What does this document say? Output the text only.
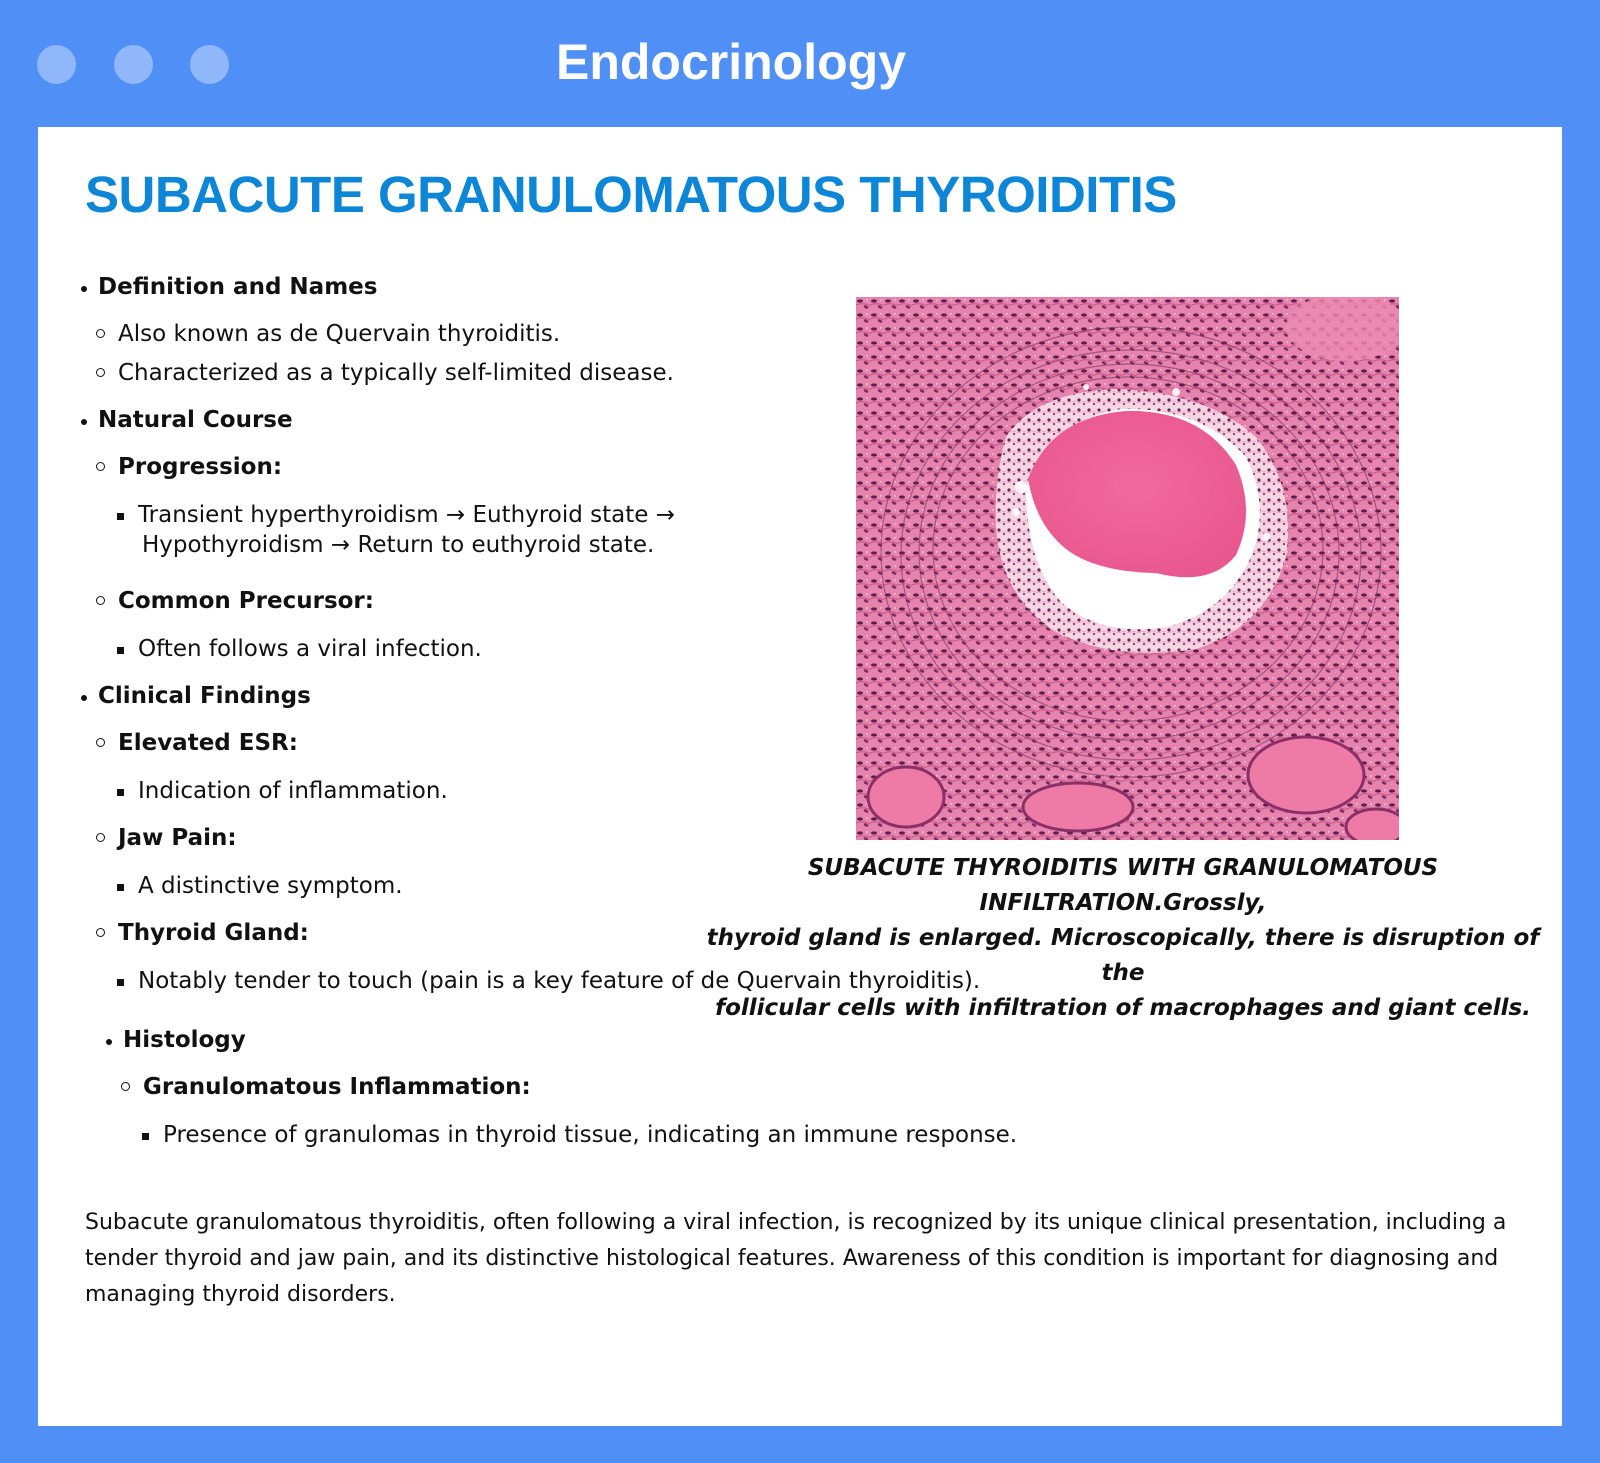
Endocrinology
SUBACUTE GRANULOMATOUS THYROIDITIS
Definition and Names
Also known as de Quervain thyroiditis.
Characterized as a typically self-limited disease.
Natural Course
Progression:
Transient hyperthyroidism → Euthyroid state →
Hypothyroidism → Return to euthyroid state.
Common Precursor:
Often follows a viral infection.
Clinical Findings
Elevated ESR:
Indication of inflammation.
Jaw Pain:
A distinctive symptom.
Thyroid Gland:
Notably tender to touch (pain is a key feature of de Quervain thyroiditis).
Histology
Granulomatous Inflammation:
Presence of granulomas in thyroid tissue, indicating an immune response.
SUBACUTE THYROIDITIS WITH GRANULOMATOUS INFILTRATION.Grossly,
thyroid gland is enlarged. Microscopically, there is disruption of the
follicular cells with infiltration of macrophages and giant cells.

Subacute granulomatous thyroiditis, often following a viral infection, is recognized by its unique clinical presentation, including a tender thyroid and jaw pain, and its distinctive histological features. Awareness of this condition is important for diagnosing and managing thyroid disorders.
